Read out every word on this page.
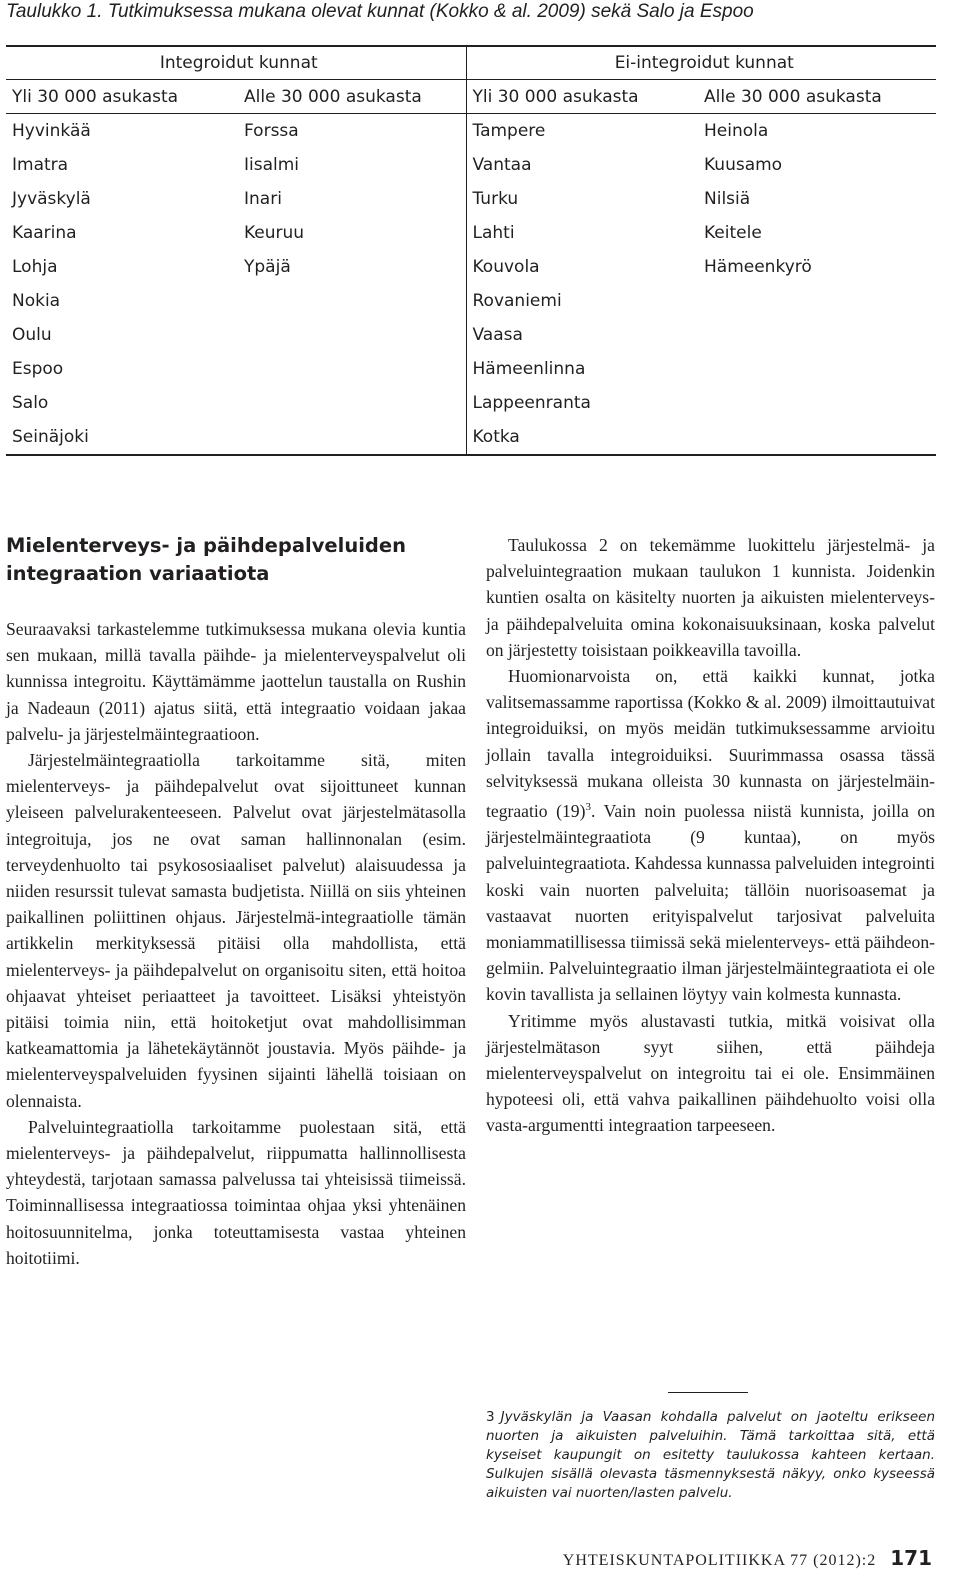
Taulukko 1. Tutkimuksessa mukana olevat kunnat (Kokko & al. 2009) sekä Salo ja Espoo
Integroidut kunnat		Ei-integroidut kunnat	
Yli 30 000 asukasta	Alle 30 000 asukasta	Yli 30 000 asukasta	Alle 30 000 asukasta
Hyvinkää	Forssa	Tampere	Heinola
Imatra	Iisalmi	Vantaa	Kuusamo
Jyväskylä	Inari	Turku	Nilsiä
Kaarina	Keuruu	Lahti	Keitele
Lohja	Ypäjä	Kouvola	Hämeenkyrö
Nokia		Rovaniemi	
Oulu		Vaasa	
Espoo		Hämeenlinna	
Salo		Lappeenranta	
Seinäjoki		Kotka	
Mielenterveys- ja päihdepalveluiden integraation variaatiota

Seuraavaksi tarkastelemme tutkimuksessa mukana olevia kuntia sen mukaan, millä tavalla päihde- ja mielenterveyspalvelut oli kunnissa integroitu. Käyttämämme jaottelun taustalla on Rushin ja Nadeaun (2011) ajatus siitä, että integraatio voidaan jakaa palvelu- ja järjestelmäintegraatioon.

Järjestelmäintegraatiolla tarkoitamme sitä, miten mielenterveys- ja päihdepalvelut ovat sijoittuneet kunnan yleiseen palvelurakenteeseen. Palvelut ovat järjestelmätasolla integroituja, jos ne ovat saman hallinnonalan (esim. terveydenhuolto tai psykososiaaliset palvelut) alaisuudessa ja niiden resurssit tulevat samasta budjetista. Niillä on siis yhteinen paikallinen poliittinen ohjaus. Järjestelmä-integraatiolle tämän artikkelin merkityksessä pitäisi olla mahdollista, että mielenterveys- ja päihdepalvelut on organisoitu siten, että hoitoa ohjaavat yhteiset periaatteet ja tavoitteet. Lisäksi yhteistyön pitäisi toimia niin, että hoitoketjut ovat mahdollisimman katkeamattomia ja lähetekäytännöt joustavia. Myös päihde- ja mielenterveyspalveluiden fyysinen sijainti lähellä toisiaan on olennaista.

Palveluintegraatiolla tarkoitamme puolestaan sitä, että mielenterveys- ja päihdepalvelut, riippumatta hallinnollisesta yhteydestä, tarjotaan samassa palvelussa tai yhteisissä tiimeissä. Toiminnallisessa integraatiossa toimintaa ohjaa yksi yhtenäinen hoitosuunnitelma, jonka toteuttamisesta vastaa yhteinen hoitotiimi.

Taulukossa 2 on tekemämme luokittelu järjestelmä- ja palveluintegraation mukaan taulukon 1 kunnista. Joidenkin kuntien osalta on käsitelty nuorten ja aikuisten mielenterveys- ja päihdepalveluita omina kokonaisuuksinaan, koska palvelut on järjestetty toisistaan poikkeavilla tavoilla.

Huomionarvoista on, että kaikki kunnat, jotka valitsemassamme raportissa (Kokko & al. 2009) ilmoittautuivat integroiduiksi, on myös meidän tutkimuksessamme arvioitu jollain tavalla integroiduiksi. Suurimmassa osassa tässä selvityksessä mukana olleista 30 kunnasta on järjestelmäintegraatio $(19)^3$. Vain noin puolessa niistä kunnista, joilla on järjestelmäintegraatiota (9 kuntaa), on myös palveluintegraatiota. Kahdessa kunnassa palveluiden integrointi koski vain nuorten palveluita; tällöin nuorisoasemat ja vastaavat nuorten erityispalvelut tarjosivat palveluita moniammatillisessa tiimissä sekä mielenterveys- että päihdeongelmiin. Palveluintegraatio ilman järjestelmäintegraatiota ei ole kovin tavallista ja sellainen löytyy vain kolmesta kunnasta.

Yritimme myös alustavasti tutkia, mitkä voisivat olla järjestelmätason syyt siihen, että päihdeja mielenterveyspalvelut on integroitu tai ei ole. Ensimmäinen hypoteesi oli, että vahva paikallinen päihdehuolto voisi olla vasta-argumentti integraation tarpeeseen.

3 Jyväskylän ja Vaasan kohdalla palvelut on jaoteltu erikseen nuorten ja aikuisten palveluihin. Tämä tarkoittaa sitä, että kyseiset kaupungit on esitetty taulukossa kahteen kertaan. Sulkujen sisällä olevasta täsmennyksestä näkyy, onko kyseessä aikuisten vai nuorten/lasten palvelu.
YHTEISKUNTAPOLITIIKKA 77 (2012):2 171
